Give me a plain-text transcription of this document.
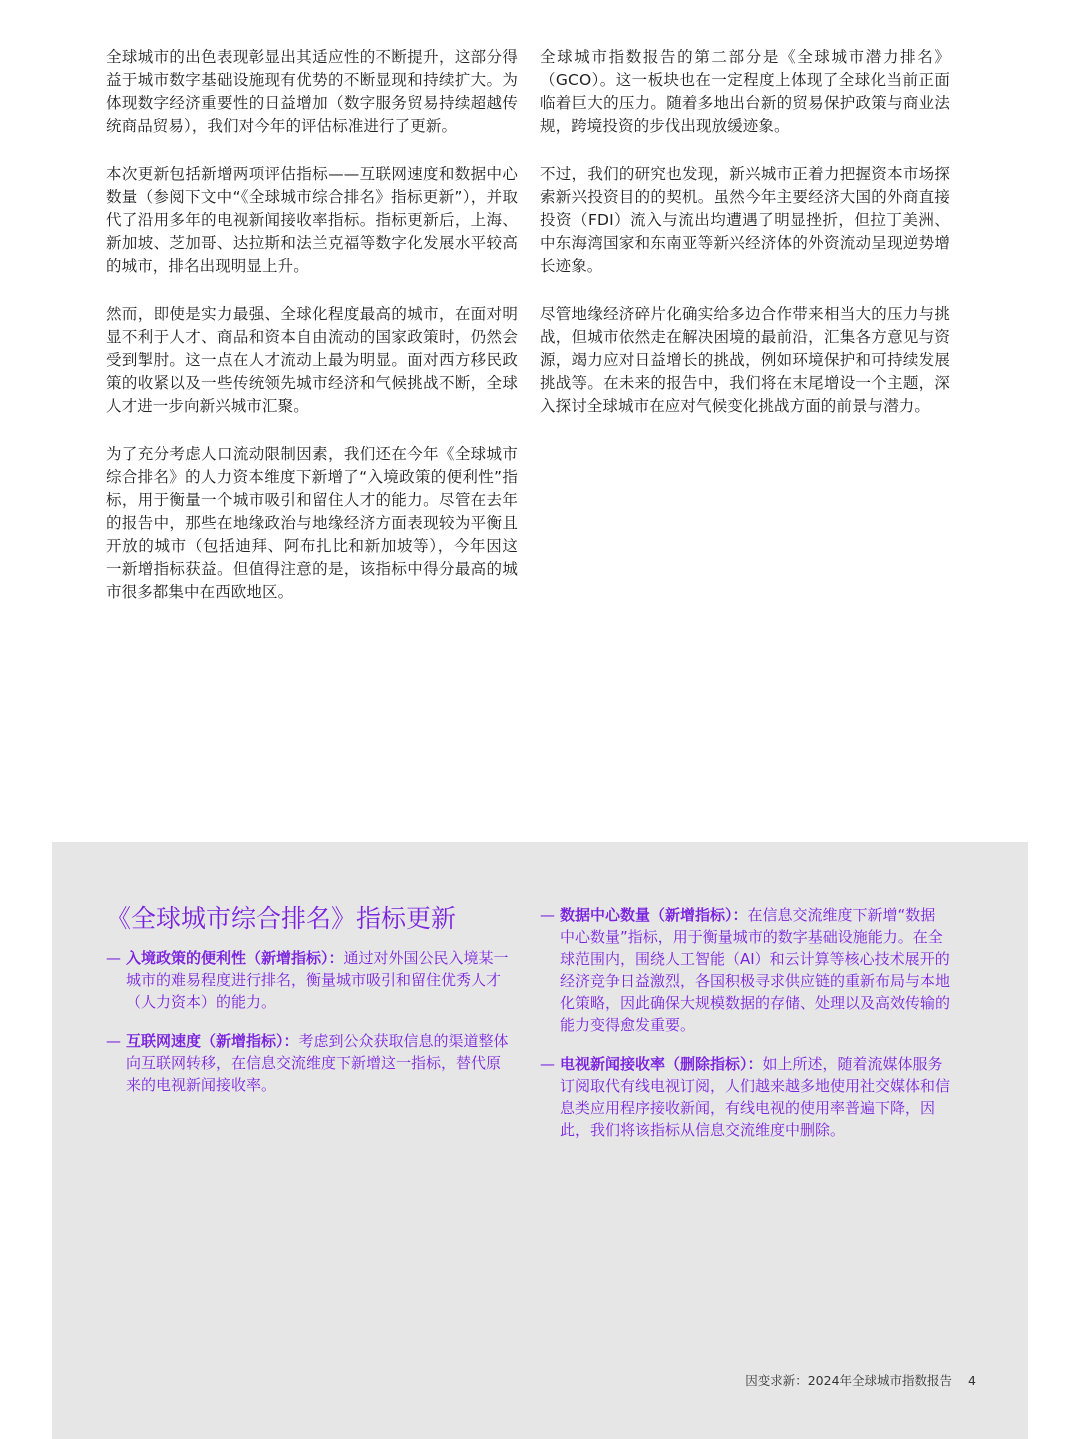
全球城市的出色表现彰显出其适应性的不断提升，这部分得益于城市数字基础设施现有优势的不断显现和持续扩大。为体现数字经济重要性的日益增加（数字服务贸易持续超越传统商品贸易），我们对今年的评估标准进行了更新。

本次更新包括新增两项评估指标——互联网速度和数据中心数量（参阅下文中“《全球城市综合排名》指标更新”），并取代了沿用多年的电视新闻接收率指标。指标更新后，上海、新加坡、芝加哥、达拉斯和法兰克福等数字化发展水平较高的城市，排名出现明显上升。

然而，即使是实力最强、全球化程度最高的城市，在面对明显不利于人才、商品和资本自由流动的国家政策时，仍然会受到掣肘。这一点在人才流动上最为明显。面对西方移民政策的收紧以及一些传统领先城市经济和气候挑战不断，全球人才进一步向新兴城市汇聚。

为了充分考虑人口流动限制因素，我们还在今年《全球城市综合排名》的人力资本维度下新增了“入境政策的便利性”指标，用于衡量一个城市吸引和留住人才的能力。尽管在去年的报告中，那些在地缘政治与地缘经济方面表现较为平衡且开放的城市（包括迪拜、阿布扎比和新加坡等），今年因这一新增指标获益。但值得注意的是，该指标中得分最高的城市很多都集中在西欧地区。

全球城市指数报告的第二部分是《全球城市潜力排名》（GCO）。这一板块也在一定程度上体现了全球化当前正面临着巨大的压力。随着多地出台新的贸易保护政策与商业法规，跨境投资的步伐出现放缓迹象。

不过，我们的研究也发现，新兴城市正着力把握资本市场探索新兴投资目的的契机。虽然今年主要经济大国的外商直接投资（FDI）流入与流出均遭遇了明显挫折，但拉丁美洲、中东海湾国家和东南亚等新兴经济体的外资流动呈现逆势增长迹象。

尽管地缘经济碎片化确实给多边合作带来相当大的压力与挑战，但城市依然走在解决困境的最前沿，汇集各方意见与资源，竭力应对日益增长的挑战，例如环境保护和可持续发展挑战等。在未来的报告中，我们将在末尾增设一个主题，深入探讨全球城市在应对气候变化挑战方面的前景与潜力。

《全球城市综合排名》指标更新
— 入境政策的便利性（新增指标）：通过对外国公民入境某一城市的难易程度进行排名，衡量城市吸引和留住优秀人才（人力资本）的能力。
— 互联网速度（新增指标）：考虑到公众获取信息的渠道整体向互联网转移，在信息交流维度下新增这一指标，替代原来的电视新闻接收率。
— 数据中心数量（新增指标）：在信息交流维度下新增“数据中心数量”指标，用于衡量城市的数字基础设施能力。在全球范围内，围绕人工智能（AI）和云计算等核心技术展开的经济竞争日益激烈，各国积极寻求供应链的重新布局与本地化策略，因此确保大规模数据的存储、处理以及高效传输的能力变得愈发重要。
— 电视新闻接收率（删除指标）：如上所述，随着流媒体服务订阅取代有线电视订阅，人们越来越多地使用社交媒体和信息类应用程序接收新闻，有线电视的使用率普遍下降，因此，我们将该指标从信息交流维度中删除。
因变求新：2024年全球城市指数报告 4
